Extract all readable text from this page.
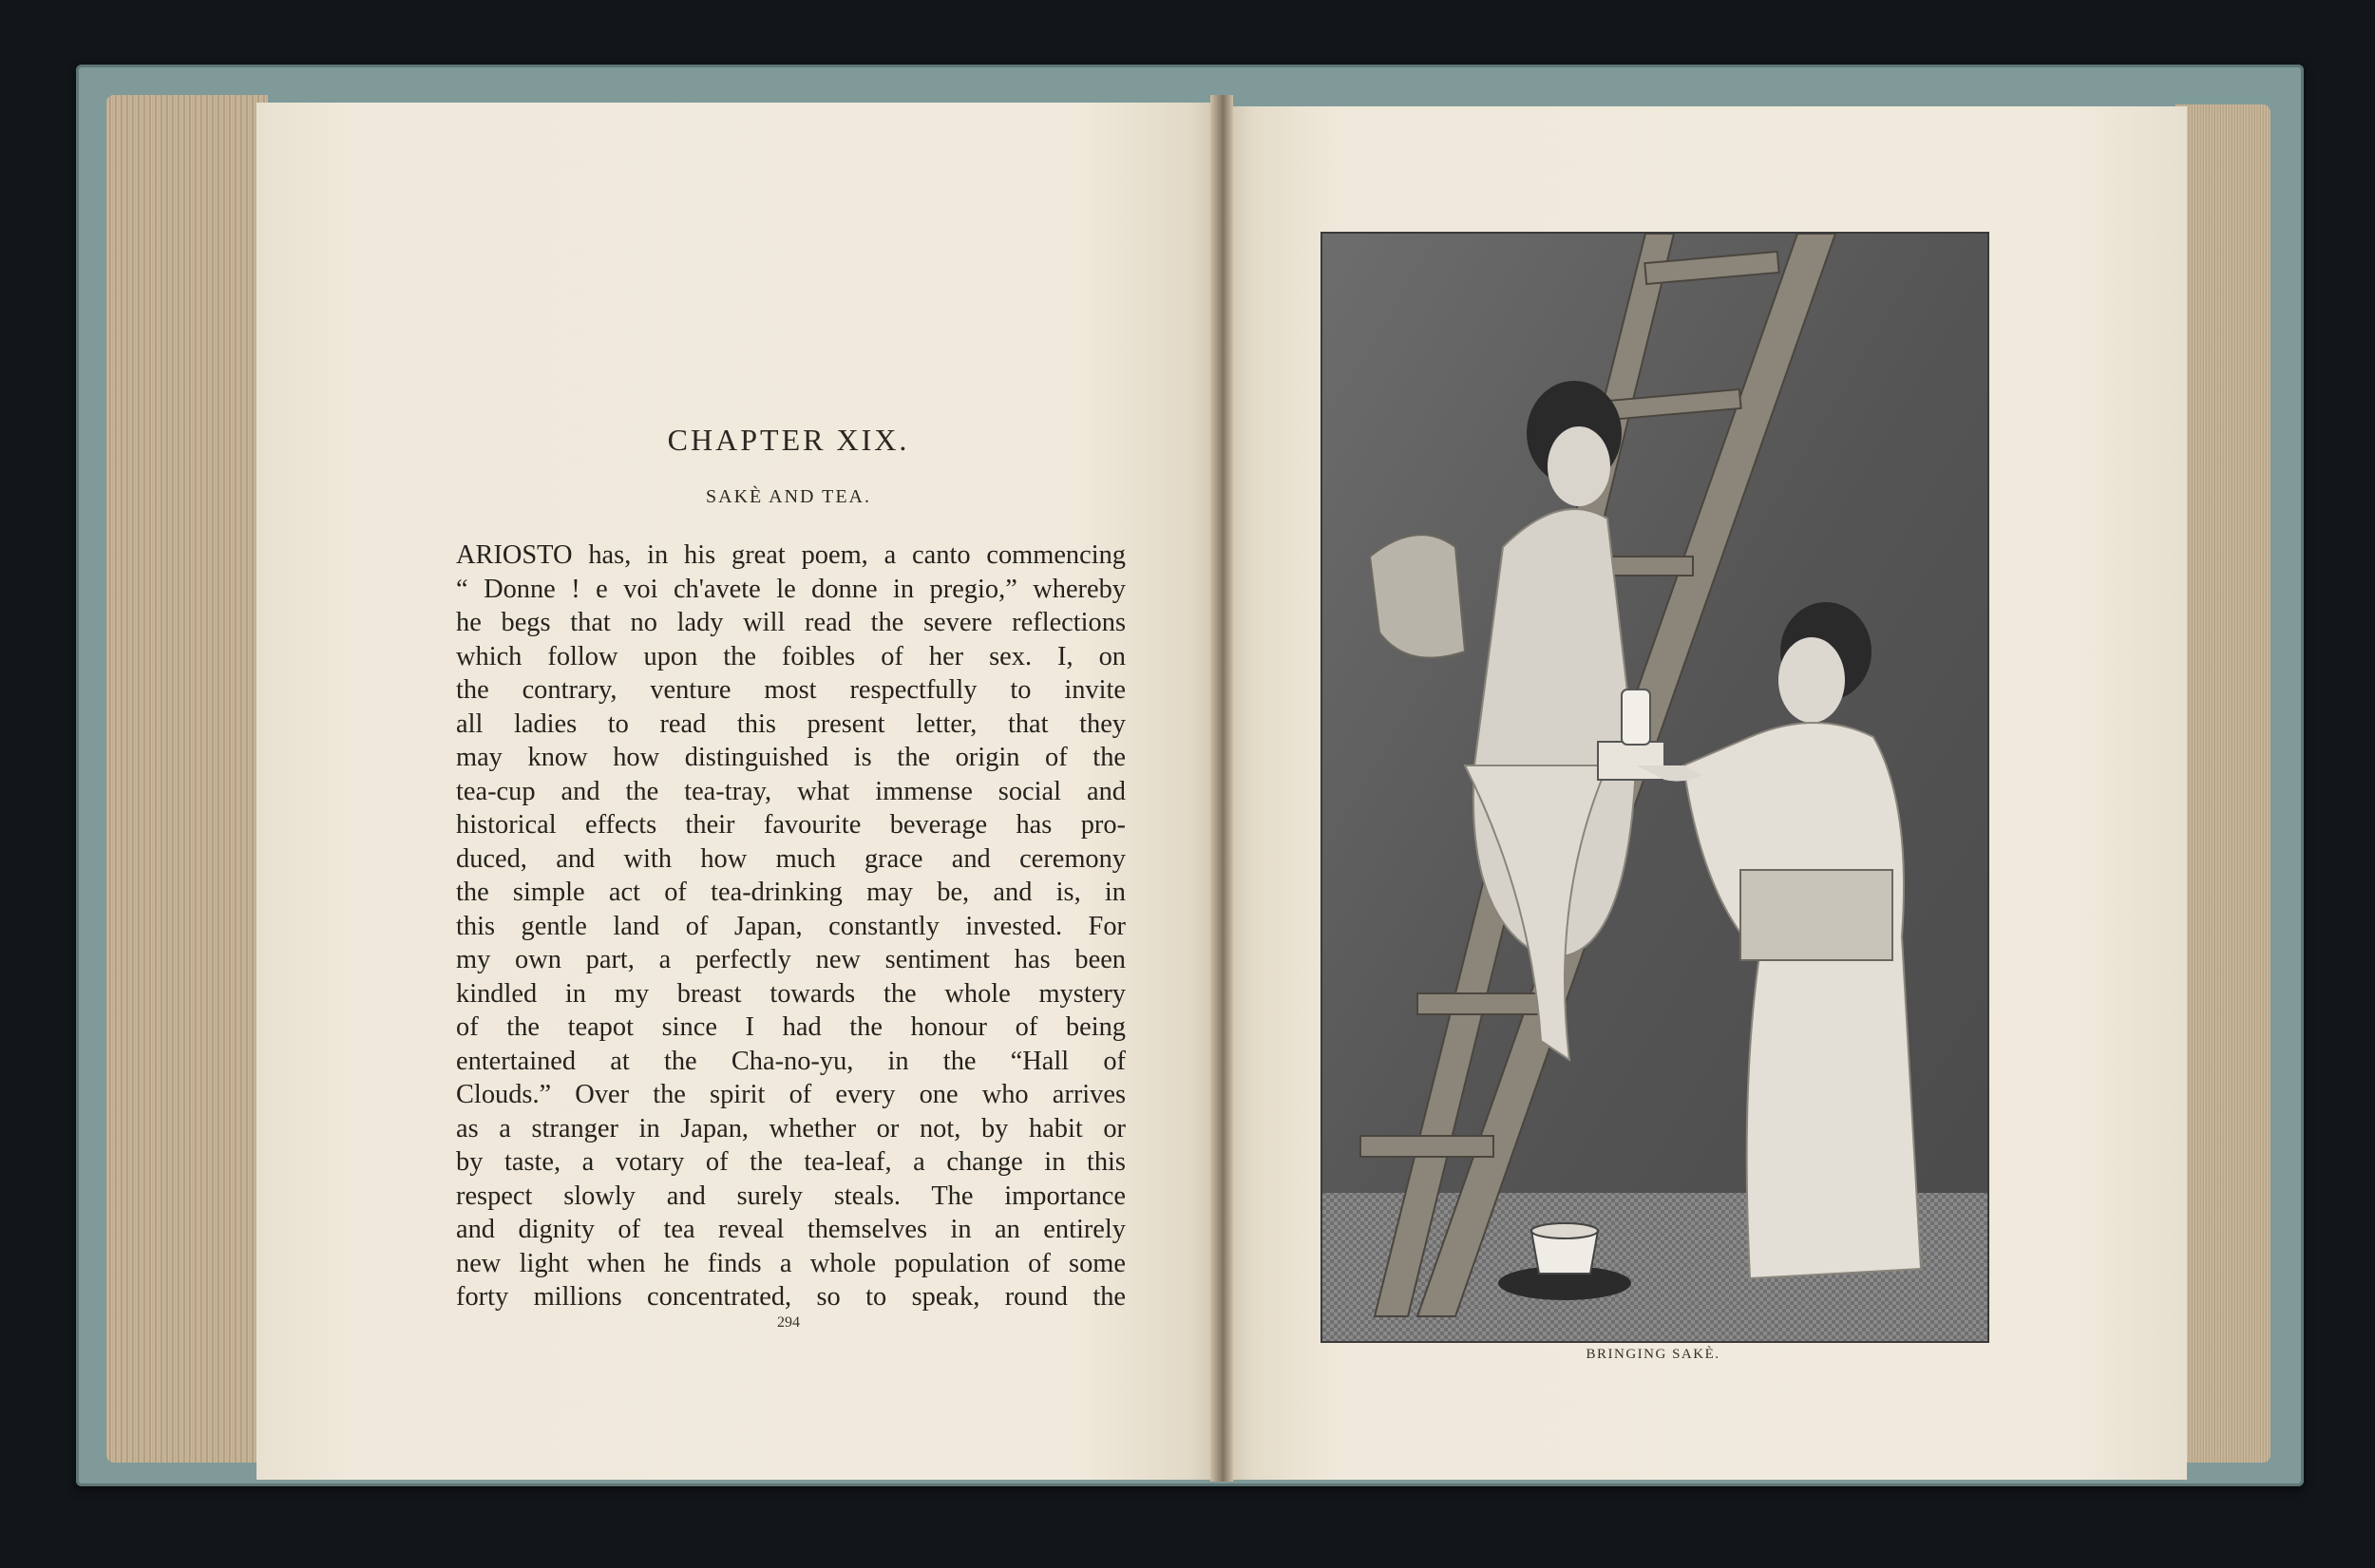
CHAPTER XIX.
SAKÈ AND TEA.
ARIOSTO has, in his great poem, a canto commencing
“ Donne ! e voi ch'avete le donne in pregio,” whereby
he begs that no lady will read the severe reflections
which follow upon the foibles of her sex. I, on
the contrary, venture most respectfully to invite
all ladies to read this present letter, that they
may know how distinguished is the origin of the
tea-cup and the tea-tray, what immense social and
historical effects their favourite beverage has pro-
duced, and with how much grace and ceremony
the simple act of tea-drinking may be, and is, in
this gentle land of Japan, constantly invested. For
my own part, a perfectly new sentiment has been
kindled in my breast towards the whole mystery
of the teapot since I had the honour of being
entertained at the Cha-no-yu, in the “Hall of
Clouds.” Over the spirit of every one who arrives
as a stranger in Japan, whether or not, by habit or
by taste, a votary of the tea-leaf, a change in this
respect slowly and surely steals. The importance
and dignity of tea reveal themselves in an entirely
new light when he finds a whole population of some
forty millions concentrated, so to speak, round the
294
BRINGING SAKÈ.
